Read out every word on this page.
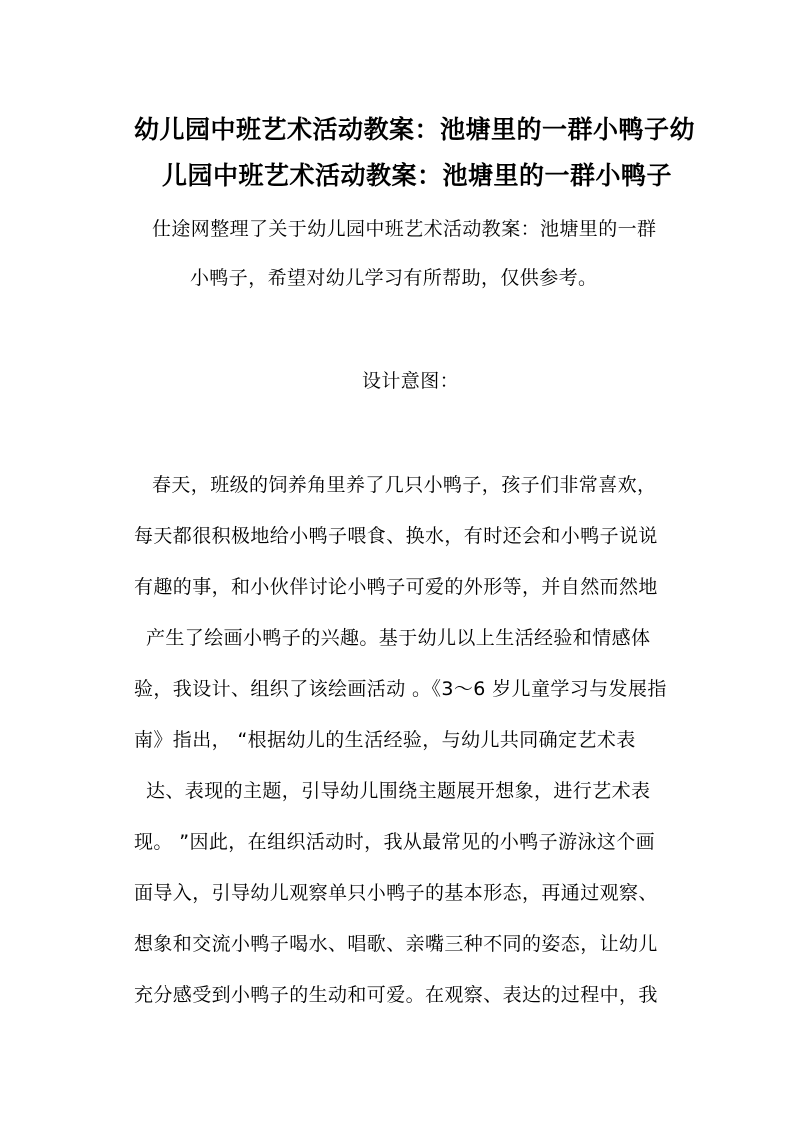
幼儿园中班艺术活动教案：池塘里的一群小鸭子幼
儿园中班艺术活动教案：池塘里的一群小鸭子
仕途网整理了关于幼儿园中班艺术活动教案：池塘里的一群
小鸭子，希望对幼儿学习有所帮助，仅供参考。
设计意图：
春天，班级的饲养角里养了几只小鸭子，孩子们非常喜欢，
每天都很积极地给小鸭子喂食、换水，有时还会和小鸭子说说
有趣的事，和小伙伴讨论小鸭子可爱的外形等，并自然而然地
产生了绘画小鸭子的兴趣。基于幼儿以上生活经验和情感体
验，我设计、组织了该绘画活动 。《3～6 岁儿童学习与发展指
南》指出， “根据幼儿的生活经验，与幼儿共同确定艺术表
达、表现的主题，引导幼儿围绕主题展开想象，进行艺术表
现。 ”因此，在组织活动时，我从最常见的小鸭子游泳这个画
面导入，引导幼儿观察单只小鸭子的基本形态，再通过观察、
想象和交流小鸭子喝水、唱歌、亲嘴三种不同的姿态，让幼儿
充分感受到小鸭子的生动和可爱。在观察、表达的过程中，我
